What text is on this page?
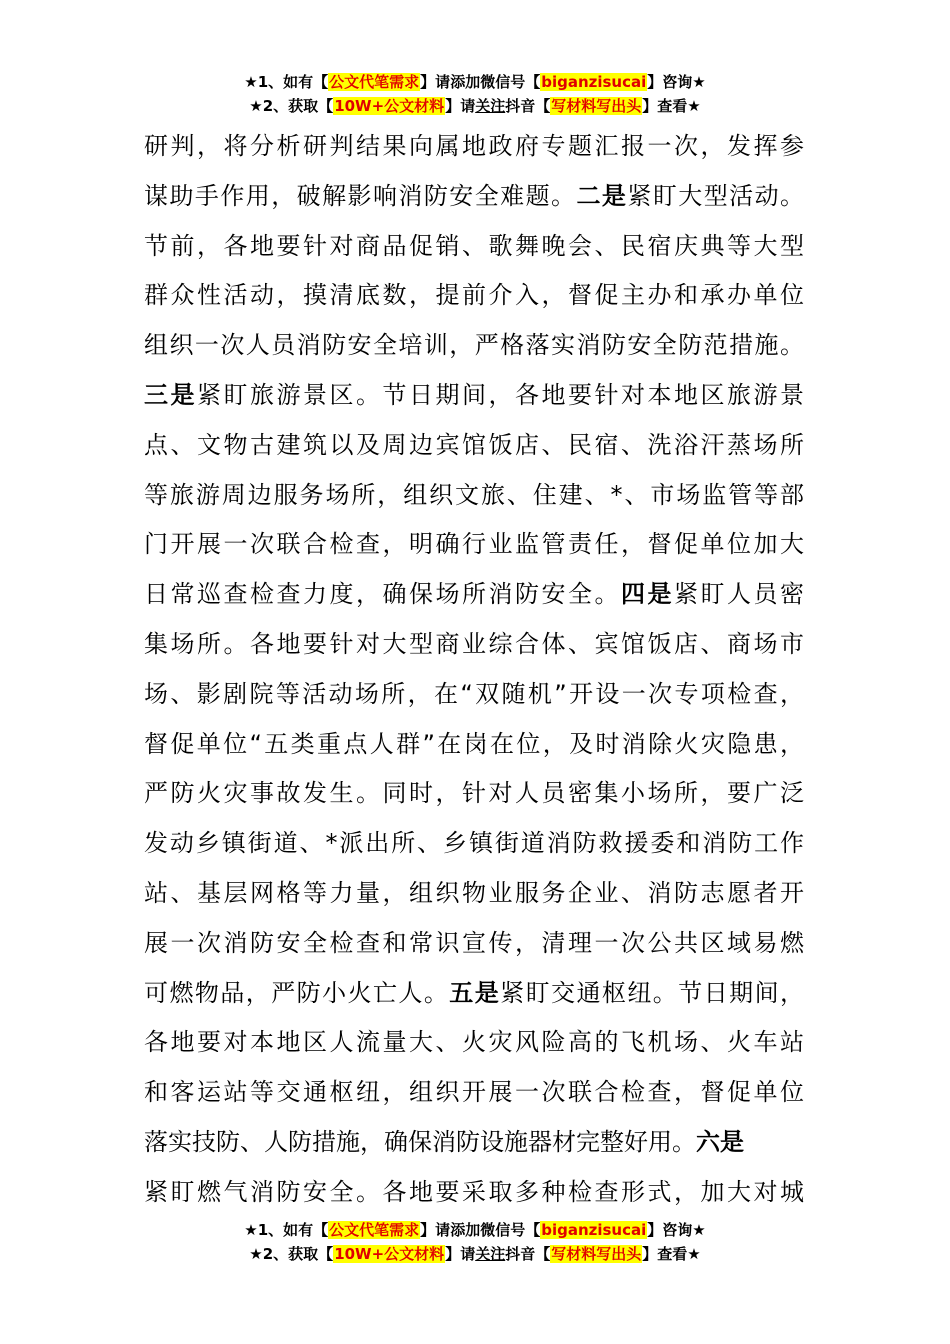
★1、如有【公文代笔需求】请添加微信号【biganzisucai】咨询★
★2、获取【10W+公文材料】请关注抖音【写材料写出头】查看★
研判，将分析研判结果向属地政府专题汇报一次，发挥参
谋助手作用，破解影响消防安全难题。二是紧盯大型活动。
节前，各地要针对商品促销、歌舞晚会、民宿庆典等大型
群众性活动，摸清底数，提前介入，督促主办和承办单位
组织一次人员消防安全培训，严格落实消防安全防范措施。
三是紧盯旅游景区。节日期间，各地要针对本地区旅游景
点、文物古建筑以及周边宾馆饭店、民宿、洗浴汗蒸场所
等旅游周边服务场所，组织文旅、住建、*、市场监管等部
门开展一次联合检查，明确行业监管责任，督促单位加大
日常巡查检查力度，确保场所消防安全。四是紧盯人员密
集场所。各地要针对大型商业综合体、宾馆饭店、商场市
场、影剧院等活动场所，在“双随机”开设一次专项检查，
督促单位“五类重点人群”在岗在位，及时消除火灾隐患，
严防火灾事故发生。同时，针对人员密集小场所，要广泛
发动乡镇街道、*派出所、乡镇街道消防救援委和消防工作
站、基层网格等力量，组织物业服务企业、消防志愿者开
展一次消防安全检查和常识宣传，清理一次公共区域易燃
可燃物品，严防小火亡人。五是紧盯交通枢纽。节日期间，
各地要对本地区人流量大、火灾风险高的飞机场、火车站
和客运站等交通枢纽，组织开展一次联合检查，督促单位
落实技防、人防措施，确保消防设施器材完整好用。六是
紧盯燃气消防安全。各地要采取多种检查形式，加大对城
★1、如有【公文代笔需求】请添加微信号【biganzisucai】咨询★
★2、获取【10W+公文材料】请关注抖音【写材料写出头】查看★
